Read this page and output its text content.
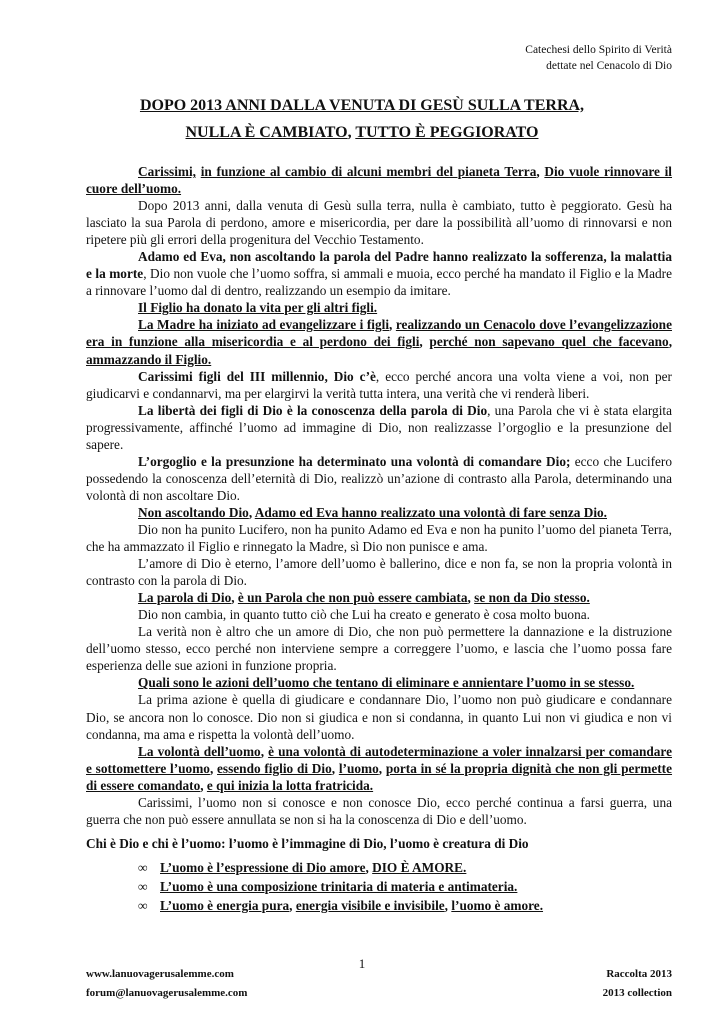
Catechesi dello Spirito di Verità
dettate nel Cenacolo di Dio
DOPO 2013 ANNI DALLA VENUTA DI GESÙ SULLA TERRA,
NULLA È CAMBIATO, TUTTO È PEGGIORATO

Carissimi, in funzione al cambio di alcuni membri del pianeta Terra, Dio vuole rinnovare il cuore dell’uomo.

Dopo 2013 anni, dalla venuta di Gesù sulla terra, nulla è cambiato, tutto è peggiorato. Gesù ha lasciato la sua Parola di perdono, amore e misericordia, per dare la possibilità all’uomo di rinnovarsi e non ripetere più gli errori della progenitura del Vecchio Testamento.

Adamo ed Eva, non ascoltando la parola del Padre hanno realizzato la sofferenza, la malattia e la morte, Dio non vuole che l’uomo soffra, si ammali e muoia, ecco perché ha mandato il Figlio e la Madre a rinnovare l’uomo dal di dentro, realizzando un esempio da imitare.

Il Figlio ha donato la vita per gli altri figli.

La Madre ha iniziato ad evangelizzare i figli, realizzando un Cenacolo dove l’evangelizzazione era in funzione alla misericordia e al perdono dei figli, perché non sapevano quel che facevano, ammazzando il Figlio.

Carissimi figli del III millennio, Dio c’è, ecco perché ancora una volta viene a voi, non per giudicarvi e condannarvi, ma per elargirvi la verità tutta intera, una verità che vi renderà liberi.

La libertà dei figli di Dio è la conoscenza della parola di Dio, una Parola che vi è stata elargita progressivamente, affinché l’uomo ad immagine di Dio, non realizzasse l’orgoglio e la presunzione del sapere.

L’orgoglio e la presunzione ha determinato una volontà di comandare Dio; ecco che Lucifero possedendo la conoscenza dell’eternità di Dio, realizzò un’azione di contrasto alla Parola, determinando una volontà di non ascoltare Dio.

Non ascoltando Dio, Adamo ed Eva hanno realizzato una volontà di fare senza Dio.

Dio non ha punito Lucifero, non ha punito Adamo ed Eva e non ha punito l’uomo del pianeta Terra, che ha ammazzato il Figlio e rinnegato la Madre, sì Dio non punisce e ama.

L’amore di Dio è eterno, l’amore dell’uomo è ballerino, dice e non fa, se non la propria volontà in contrasto con la parola di Dio.

La parola di Dio, è un Parola che non può essere cambiata, se non da Dio stesso.

Dio non cambia, in quanto tutto ciò che Lui ha creato e generato è cosa molto buona.

La verità non è altro che un amore di Dio, che non può permettere la dannazione e la distruzione dell’uomo stesso, ecco perché non interviene sempre a correggere l’uomo, e lascia che l’uomo possa fare esperienza delle sue azioni in funzione propria.

Quali sono le azioni dell’uomo che tentano di eliminare e annientare l’uomo in se stesso.

La prima azione è quella di giudicare e condannare Dio, l’uomo non può giudicare e condannare Dio, se ancora non lo conosce. Dio non si giudica e non si condanna, in quanto Lui non vi giudica e non vi condanna, ma ama e rispetta la volontà dell’uomo.

La volontà dell’uomo, è una volontà di autodeterminazione a voler innalzarsi per comandare e sottomettere l’uomo, essendo figlio di Dio, l’uomo, porta in sé la propria dignità che non gli permette di essere comandato, e qui inizia la lotta fratricida.

Carissimi, l’uomo non si conosce e non conosce Dio, ecco perché continua a farsi guerra, una guerra che non può essere annullata se non si ha la conoscenza di Dio e dell’uomo.

Chi è Dio e chi è l’uomo: l’uomo è l’immagine di Dio, l’uomo è creatura di Dio

∞ L’uomo è l’espressione di Dio amore, DIO È AMORE.
∞ L’uomo è una composizione trinitaria di materia e antimateria.
∞ L’uomo è energia pura, energia visibile e invisibile, l’uomo è amore.
1
www.lanuovagerusalemme.com
forum@lanuovagerusalemme.com
Raccolta 2013
2013 collection
